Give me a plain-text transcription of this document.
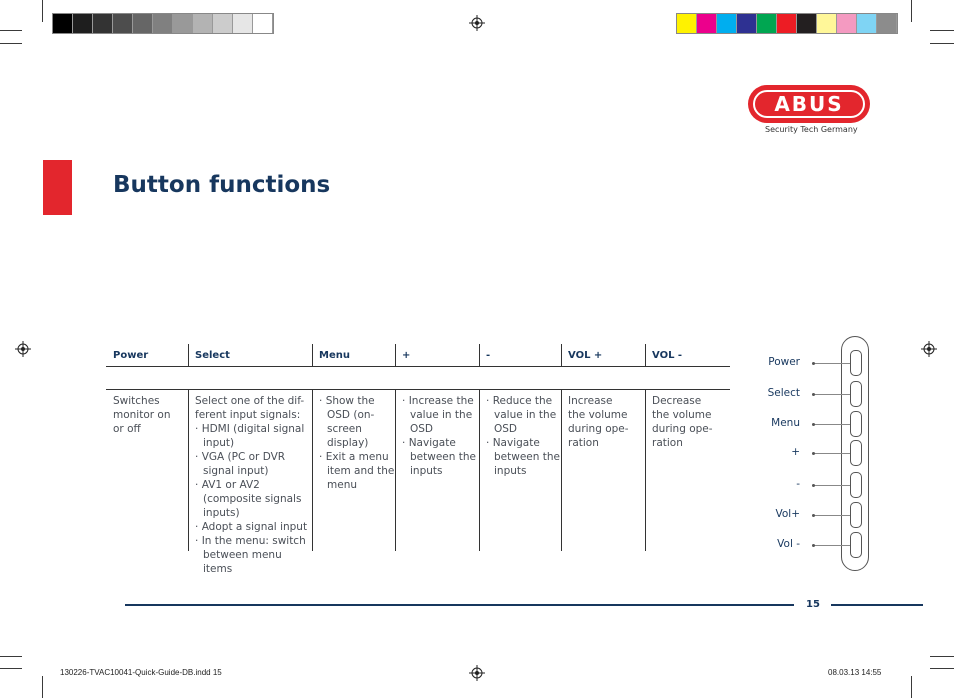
ABUS
Security Tech Germany
Button functions
Power
Switches
monitor on
or off
Select
Select one of the dif-
ferent input signals:
· HDMI (digital signal input)
· VGA (PC or DVR signal input)
· AV1 or AV2 (composite signals inputs)
· Adopt a signal input
· In the menu: switch between menu items
Menu
· Show the OSD (on-screen display)
· Exit a menu item and the menu
+
· Increase the value in the OSD
· Navigate between the inputs
-
· Reduce the value in the OSD
· Navigate between the inputs
VOL +
Increase
the volume
during ope-
ration
VOL -
Decrease
the volume
during ope-
ration
Power
Select
Menu
+
-
Vol+
Vol -
15
130226-TVAC10041-Quick-Guide-DB.indd 15	08.03.13 14:55
